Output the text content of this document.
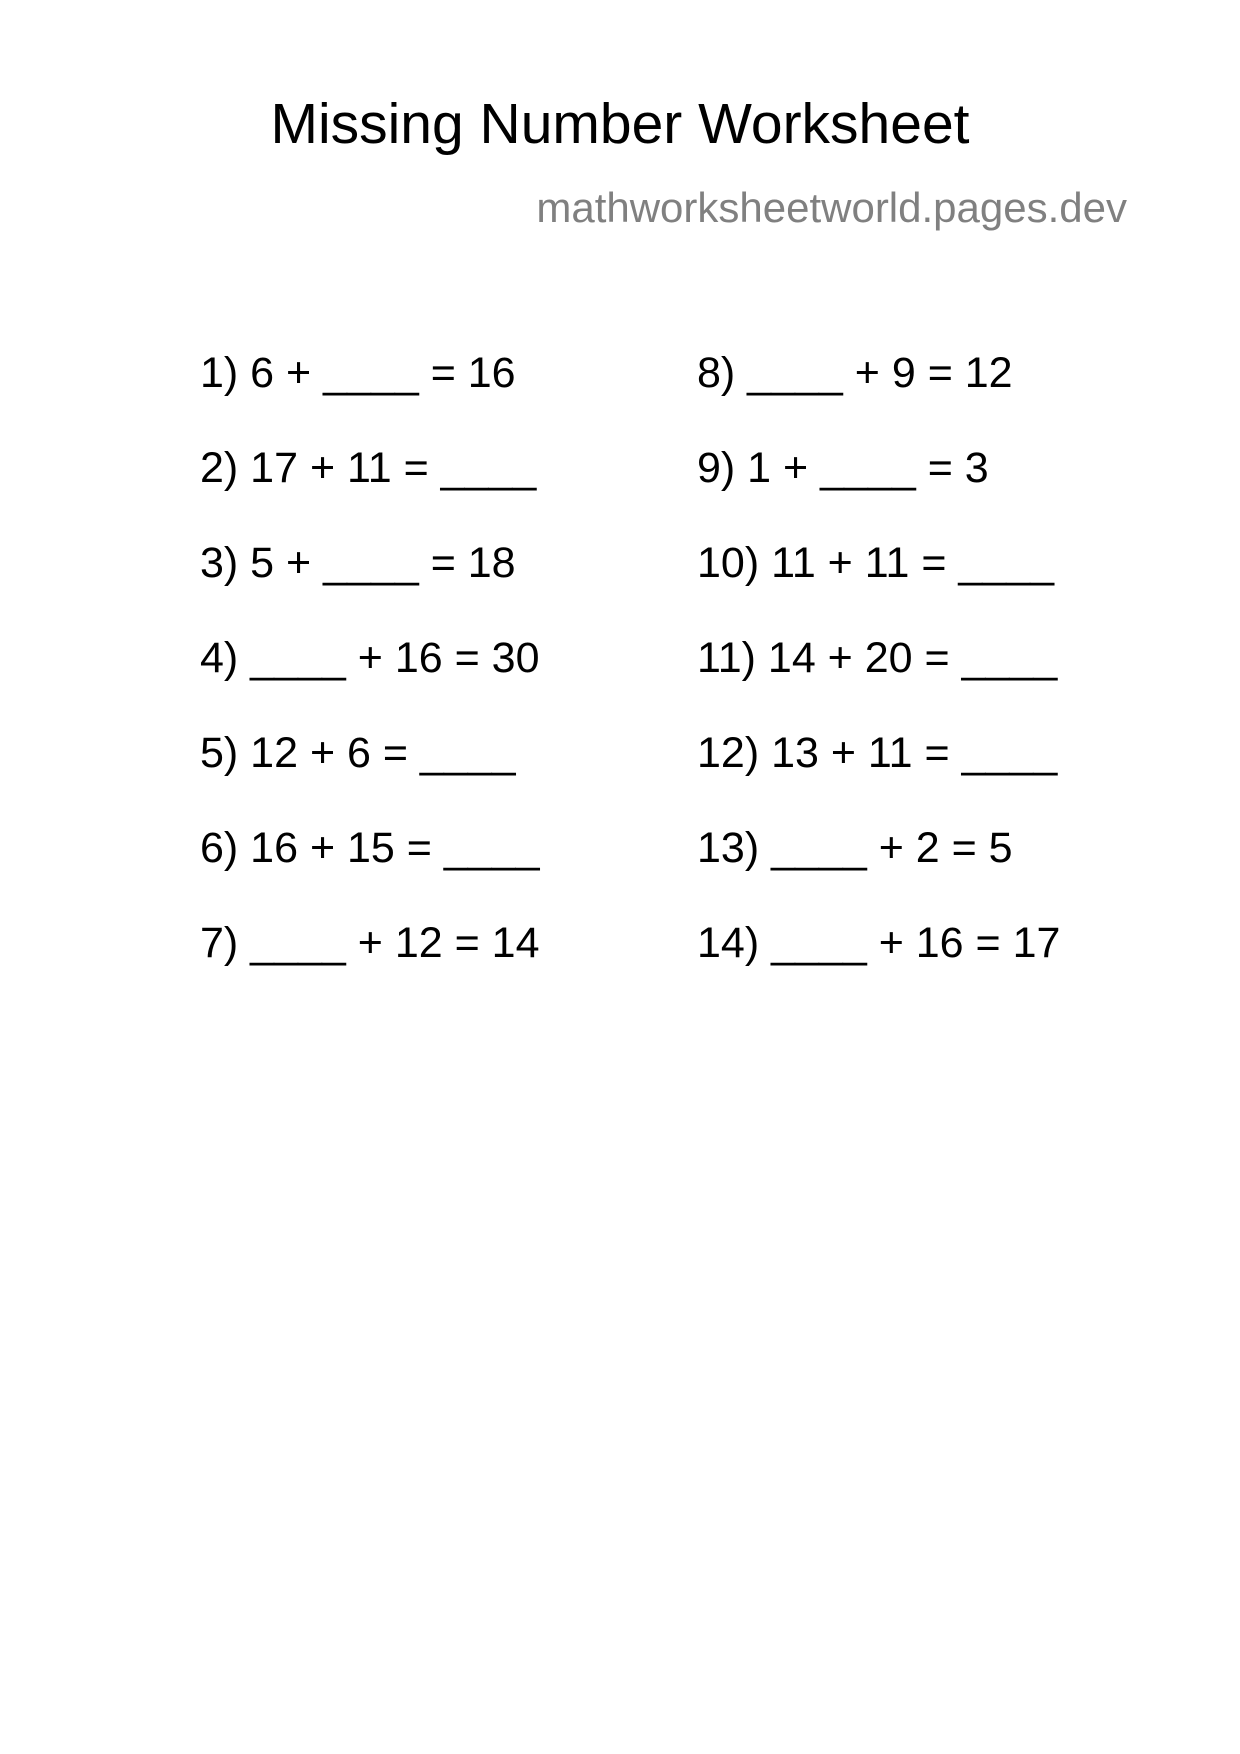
Missing Number Worksheet
mathworksheetworld.pages.dev
1) 6 + ____ = 16
2) 17 + 11 = ____
3) 5 + ____ = 18
4) ____ + 16 = 30
5) 12 + 6 = ____
6) 16 + 15 = ____
7) ____ + 12 = 14
8) ____ + 9 = 12
9) 1 + ____ = 3
10) 11 + 11 = ____
11) 14 + 20 = ____
12) 13 + 11 = ____
13) ____ + 2 = 5
14) ____ + 16 = 17
